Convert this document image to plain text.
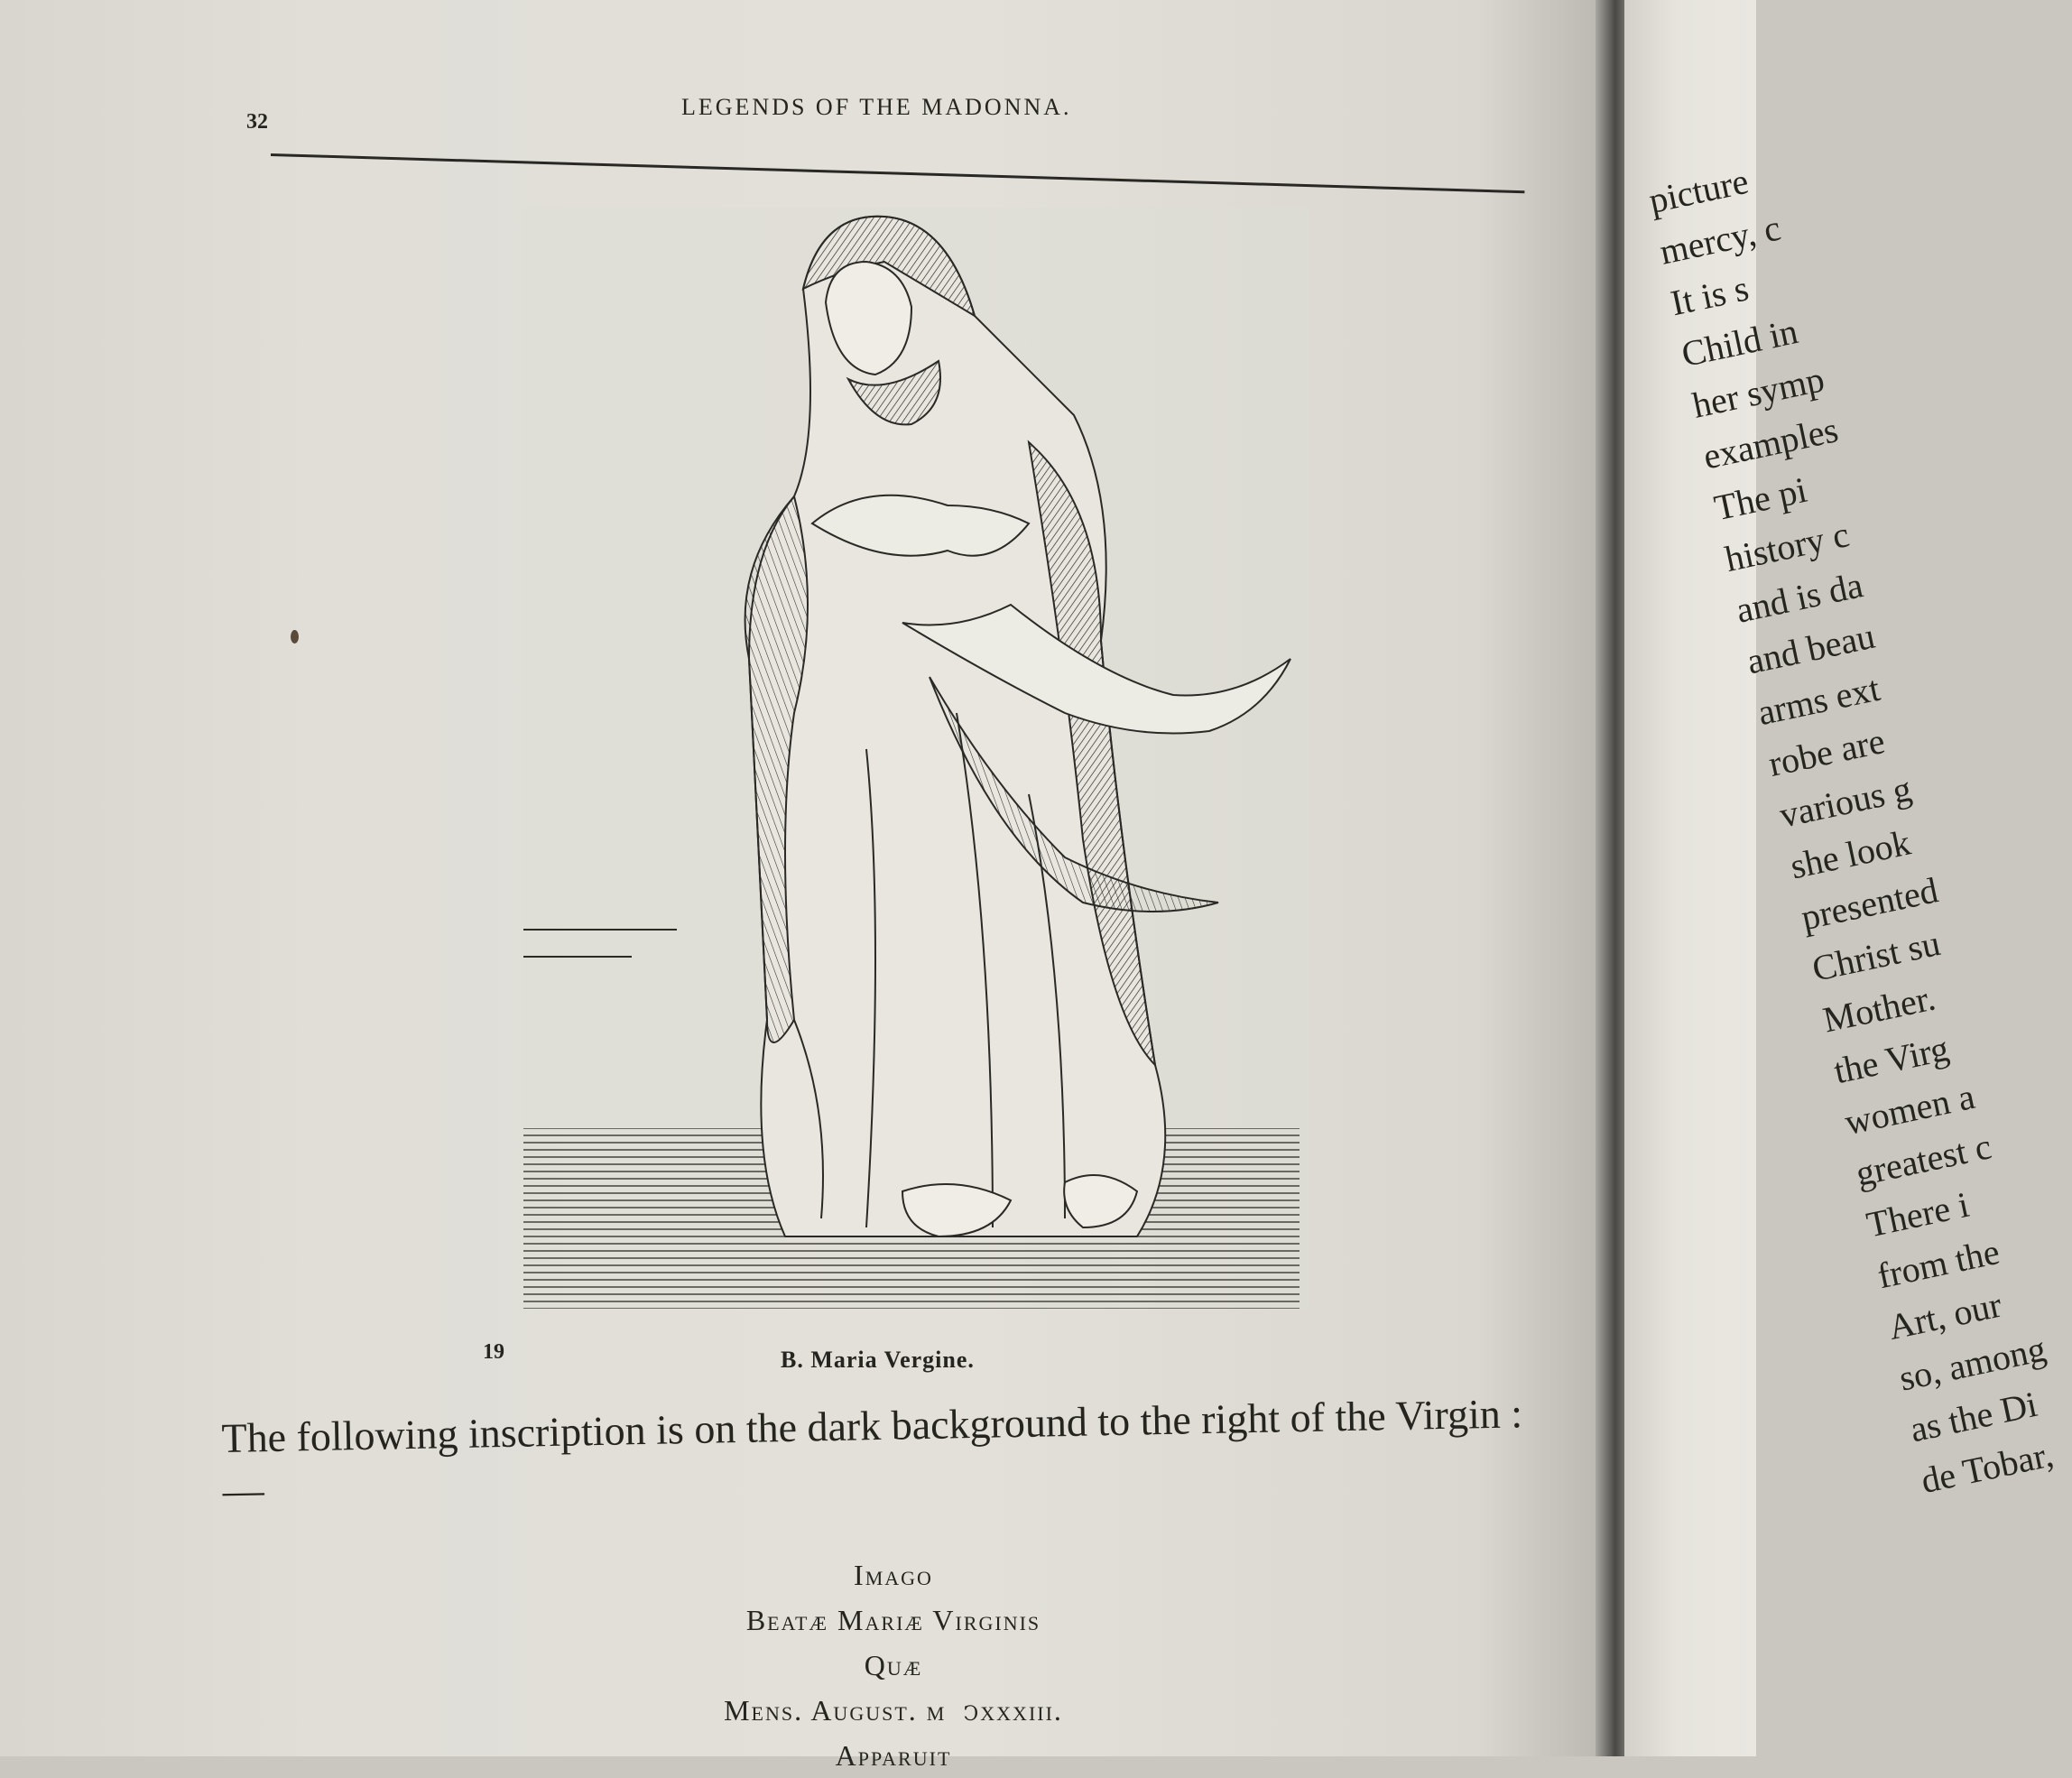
32
LEGENDS OF THE MADONNA.
19	B. Maria Vergine.
The following inscription is on the dark background to the right of the Virgin :—
Imago
Beatæ Mariæ Virginis
Quæ
Mens. August. mɪↄxxxiii.
Apparuit
picture
mercy, c
It is s
Child in
her symp
examples
The pi
history c
and is da
and beau
arms ext
robe are
various g
she look
presented
Christ su
Mother.
the Virg
women a
greatest c
There i
from the
Art, our
so, among
as the Di
de Tobar,
